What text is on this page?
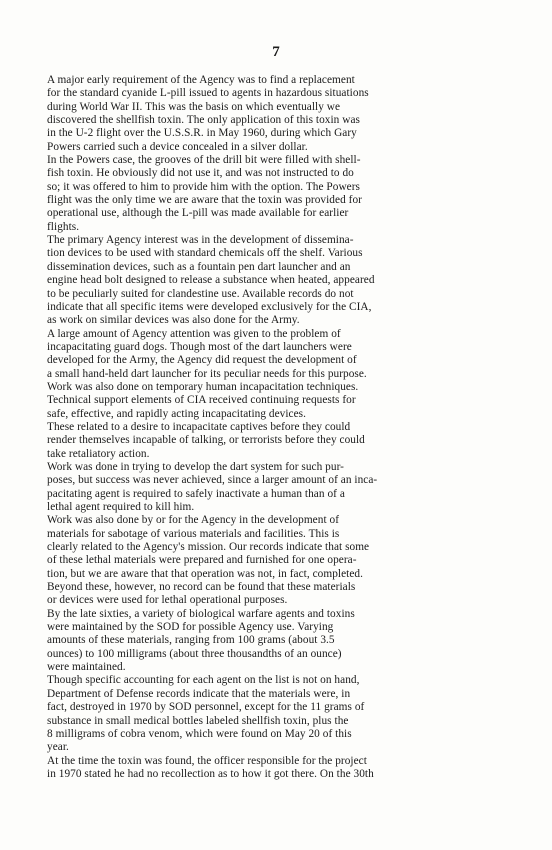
7

A major early requirement of the Agency was to find a replacement
for the standard cyanide L-pill issued to agents in hazardous situations
during World War II. This was the basis on which eventually we
discovered the shellfish toxin. The only application of this toxin was
in the U-2 flight over the U.S.S.R. in May 1960, during which Gary
Powers carried such a device concealed in a silver dollar.

In the Powers case, the grooves of the drill bit were filled with shell-
fish toxin. He obviously did not use it, and was not instructed to do
so; it was offered to him to provide him with the option. The Powers
flight was the only time we are aware that the toxin was provided for
operational use, although the L-pill was made available for earlier
flights.

The primary Agency interest was in the development of dissemina-
tion devices to be used with standard chemicals off the shelf. Various
dissemination devices, such as a fountain pen dart launcher and an
engine head bolt designed to release a substance when heated, appeared
to be peculiarly suited for clandestine use. Available records do not
indicate that all specific items were developed exclusively for the CIA,
as work on similar devices was also done for the Army.

A large amount of Agency attention was given to the problem of
incapacitating guard dogs. Though most of the dart launchers were
developed for the Army, the Agency did request the development of
a small hand-held dart launcher for its peculiar needs for this purpose.

Work was also done on temporary human incapacitation techniques.
Technical support elements of CIA received continuing requests for
safe, effective, and rapidly acting incapacitating devices.

These related to a desire to incapacitate captives before they could
render themselves incapable of talking, or terrorists before they could
take retaliatory action.

Work was done in trying to develop the dart system for such pur-
poses, but success was never achieved, since a larger amount of an inca-
pacitating agent is required to safely inactivate a human than of a
lethal agent required to kill him.

Work was also done by or for the Agency in the development of
materials for sabotage of various materials and facilities. This is
clearly related to the Agency's mission. Our records indicate that some
of these lethal materials were prepared and furnished for one opera-
tion, but we are aware that that operation was not, in fact, completed.
Beyond these, however, no record can be found that these materials
or devices were used for lethal operational purposes.

By the late sixties, a variety of biological warfare agents and toxins
were maintained by the SOD for possible Agency use. Varying
amounts of these materials, ranging from 100 grams (about 3.5
ounces) to 100 milligrams (about three thousandths of an ounce)
were maintained.

Though specific accounting for each agent on the list is not on hand,
Department of Defense records indicate that the materials were, in
fact, destroyed in 1970 by SOD personnel, except for the 11 grams of
substance in small medical bottles labeled shellfish toxin, plus the
8 milligrams of cobra venom, which were found on May 20 of this
year.

At the time the toxin was found, the officer responsible for the project
in 1970 stated he had no recollection as to how it got there. On the 30th
